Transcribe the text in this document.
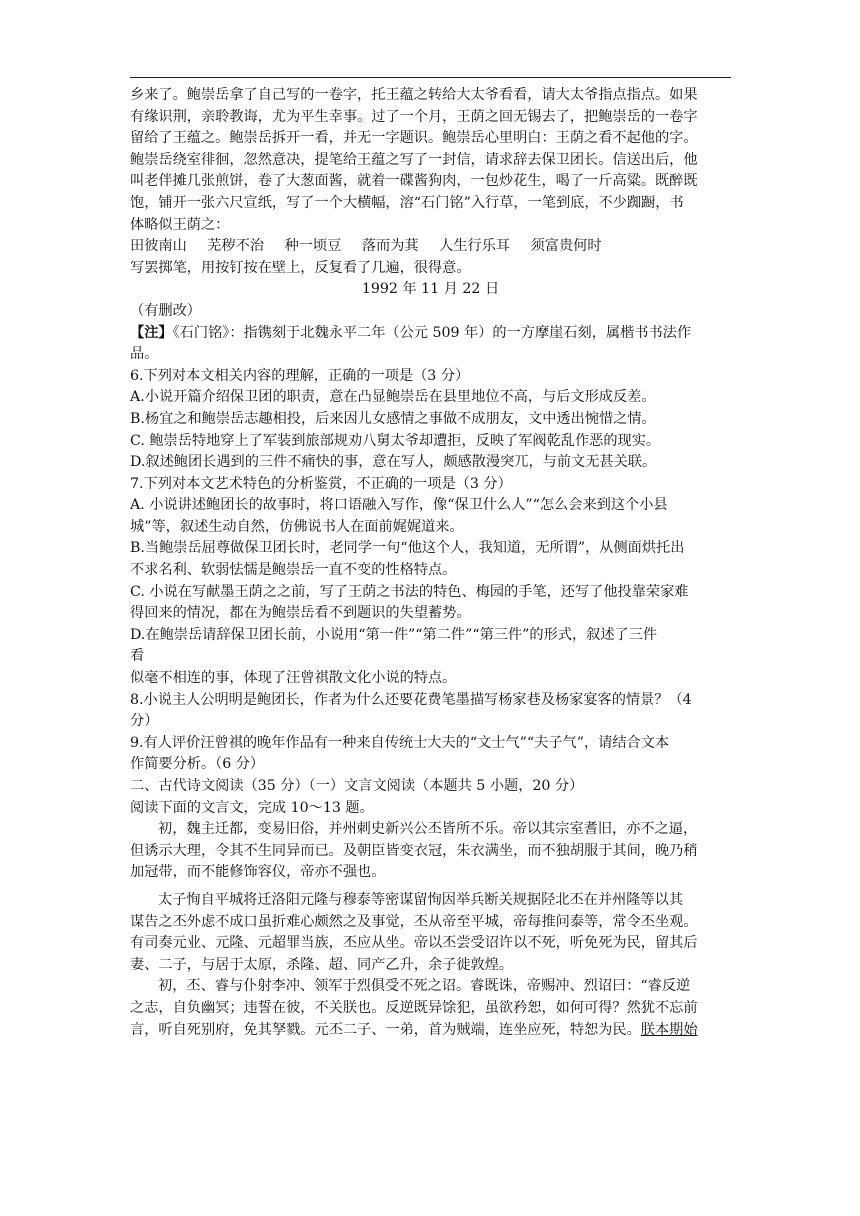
乡来了。鲍崇岳拿了自己写的一卷字，托王蕴之转给大太爷看看，请大太爷指点指点。如果
有缘识荆，亲聆教诲，尤为平生幸事。过了一个月，王荫之回无锡去了，把鲍崇岳的一卷字
留给了王蕴之。鲍崇岳拆开一看，并无一字题识。鲍崇岳心里明白：王荫之看不起他的字。
鲍崇岳绕室徘徊，忽然意决，提笔给王蕴之写了一封信，请求辞去保卫团长。信送出后，他
叫老伴摊几张煎饼，卷了大葱面酱，就着一碟酱狗肉，一包炒花生，喝了一斤高粱。既醉既
饱，铺开一张六尺宣纸，写了一个大横幅，溶“石门铭”入行草，一笔到底，不少踟蹰，书
体略似王荫之：
田彼南山 芜秽不治 种一顷豆 落而为萁 人生行乐耳 须富贵何时
写罢掷笔，用按钉按在壁上，反复看了几遍，很得意。
1992 年 11 月 22 日
（有删改）
【注】《石门铭》：指镌刻于北魏永平二年（公元 509 年）的一方摩崖石刻，属楷书书法作
品。
6.下列对本文相关内容的理解，正确的一项是（3 分）
A.小说开篇介绍保卫团的职责，意在凸显鲍崇岳在县里地位不高，与后文形成反差。
B.杨宜之和鲍崇岳志趣相投，后来因儿女感情之事做不成朋友，文中透出惋惜之情。
C. 鲍崇岳特地穿上了军装到旅部规劝八舅太爷却遭拒，反映了军阀乾乱作恶的现实。
D.叙述鲍团长遇到的三件不痛快的事，意在写人，颇感散漫突兀，与前文无甚关联。
7.下列对本文艺术特色的分析鉴赏，不正确的一项是（3 分）
A. 小说讲述鲍团长的故事时，将口语融入写作，像“保卫什么人”“怎么会来到这个小县
城”等，叙述生动自然，仿佛说书人在面前娓娓道来。
B.当鲍崇岳屈尊做保卫团长时，老同学一句“他这个人，我知道，无所谓”，从侧面烘托出
不求名利、软弱怯懦是鲍崇岳一直不变的性格特点。
C. 小说在写献墨王荫之之前，写了王荫之书法的特色、梅园的手笔，还写了他投靠荣家难
得回来的情况，都在为鲍崇岳看不到题识的失望蓄势。
D.在鲍崇岳请辞保卫团长前，小说用“第一件”“第二件”“第三件”的形式，叙述了三件
看
似毫不相连的事，体现了汪曾祺散文化小说的特点。
8.小说主人公明明是鲍团长，作者为什么还要花费笔墨描写杨家巷及杨家宴客的情景？（4
分）
9.有人评价汪曾祺的晚年作品有一种来自传统士大夫的“文士气”“夫子气”，请结合文本
作简要分析。（6 分）
二、古代诗文阅读（35 分）（一）文言文阅读（本题共 5 小题，20 分）
阅读下面的文言文，完成 10～13 题。
初，魏主迁都，变易旧俗，并州刺史新兴公丕皆所不乐。帝以其宗室耆旧，亦不之逼，
但诱示大理，令其不生同异而已。及朝臣皆变衣冠，朱衣满坐，而不独胡服于其间，晚乃稍
加冠带，而不能修饰容仪，帝亦不强也。
太子恂自平城将迁洛阳元隆与穆泰等密谋留恂因举兵断关规据陉北丕在并州隆等以其
谋告之丕外虑不成口虽折难心颇然之及事觉，丕从帝至平城，帝每推问泰等，常令丕坐观。
有司奏元业、元隆、元超罪当族，丕应从坐。帝以丕尝受诏许以不死，听免死为民，留其后
妻、二子，与居于太原，杀隆、超、同产乙升，余子徙敦煌。
初，丕、睿与仆射李冲、领军于烈俱受不死之诏。睿既诛，帝赐冲、烈诏曰：“睿反逆
之志，自负幽冥；违誓在彼，不关朕也。反逆既异馀犯，虽欲矜恕，如何可得？然犹不忘前
言，听自死别府，免其孥戮。元丕二子、一弟，首为贼端，连坐应死，特恕为民。朕本期始
